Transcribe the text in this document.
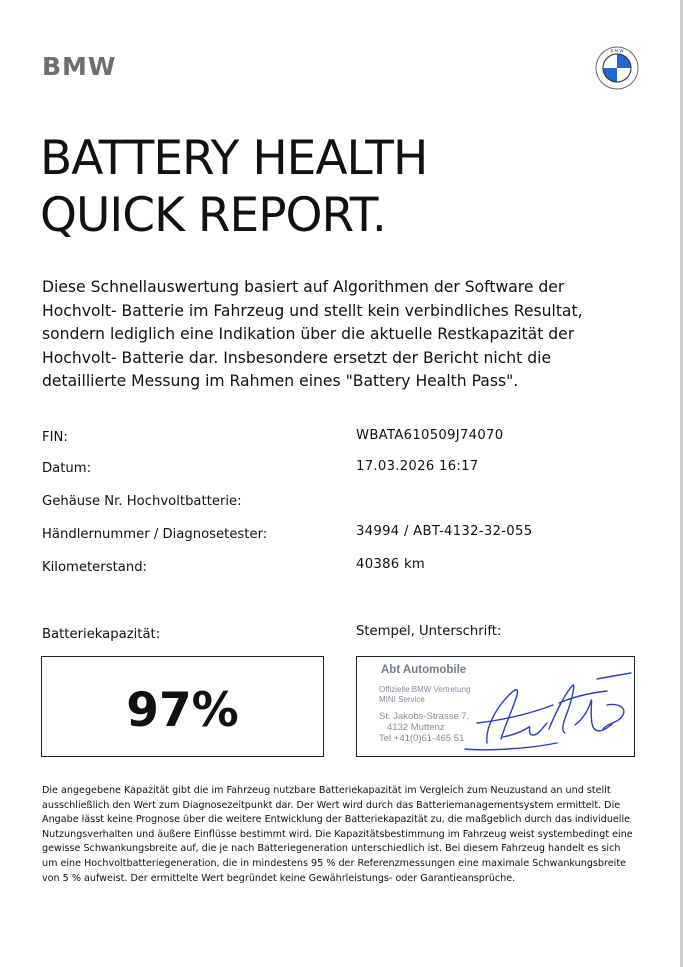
BMW
B M W
BATTERY HEALTH
QUICK REPORT.
Diese Schnellauswertung basiert auf Algorithmen der Software der
Hochvolt- Batterie im Fahrzeug und stellt kein verbindliches Resultat,
sondern lediglich eine Indikation über die aktuelle Restkapazität der
Hochvolt- Batterie dar. Insbesondere ersetzt der Bericht nicht die
detaillierte Messung im Rahmen eines "Battery Health Pass".
FIN:	WBATA610509J74070
Datum:	17.03.2026 16:17
Gehäuse Nr. Hochvoltbatterie:
Händlernummer / Diagnosetester:	34994 / ABT-4132-32-055
Kilometerstand:	40386 km
Batteriekapazität:	Stempel, Unterschrift:
97%
Abt Automobile
Offizielle BMW Vertretung
MINI Service
St. Jakobs-Strasse 7.
4132 Muttenz
Tel +41(0)61-465 51
Die angegebene Kapazität gibt die im Fahrzeug nutzbare Batteriekapazität im Vergleich zum Neuzustand an und stellt
ausschließlich den Wert zum Diagnosezeitpunkt dar. Der Wert wird durch das Batteriemanagementsystem ermittelt. Die
Angabe lässt keine Prognose über die weitere Entwicklung der Batteriekapazität zu, die maßgeblich durch das individuelle
Nutzungsverhalten und äußere Einflüsse bestimmt wird. Die Kapazitätsbestimmung im Fahrzeug weist systembedingt eine
gewisse Schwankungsbreite auf, die je nach Batteriegeneration unterschiedlich ist. Bei diesem Fahrzeug handelt es sich
um eine Hochvoltbatteriegeneration, die in mindestens 95 % der Referenzmessungen eine maximale Schwankungsbreite
von 5 % aufweist. Der ermittelte Wert begründet keine Gewährleistungs- oder Garantieansprüche.
